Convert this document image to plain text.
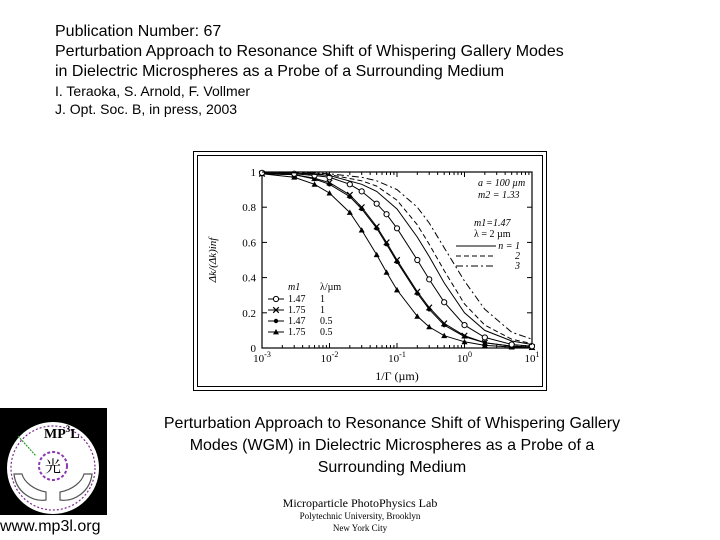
Publication Number: 67
Perturbation Approach to Resonance Shift of Whispering Gallery Modes
in Dielectric Microspheres as a Probe of a Surrounding Medium
I. Teraoka, S. Arnold, F. Vollmer
J. Opt. Soc. B, in press, 2003
$10^{-3}$	$10^{-2}$	$10^{-1}$	$10^0$	$10^1$
0
0.2
0.4
0.6
0.8
1
1/Γ (µm)
Δk/(Δk)inf
m1 λ/µm
1.47 1
1.75 1
1.47 0.5
1.75 0.5
a = 100 µm
m2 = 1.33
m1=1.47
λ = 2 µm
n = 1
2
3
Perturbation Approach to Resonance Shift of Whispering Gallery
Modes (WGM) in Dielectric Microspheres as a Probe of a
Surrounding Medium
Microparticle PhotoPhysics Lab
Polytechnic University, Brooklyn
New York City
光
$MP^3L$
www.mp3l.org
